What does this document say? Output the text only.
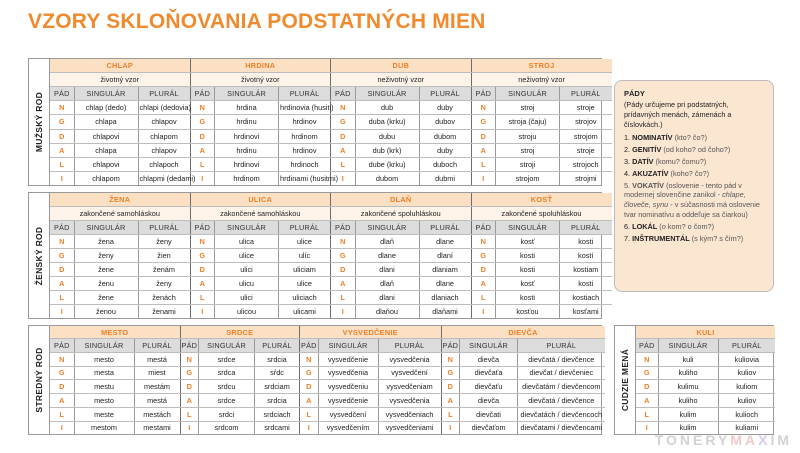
VZORY SKLOŇOVANIA PODSTATNÝCH MIEN
MUŽSKÝ ROD
CHLAP		
životný vzor		
PÁD	SINGULÁR	PLURÁL
N	chlap (dedo)	chlapi (dedovia)
G	chlapa	chlapov
D	chlapovi	chlapom
A	chlapa	chlapov
L	chlapovi	chlapoch
I	chlapom	chlapmi (dedami)
HRDINA		
životný vzor		
PÁD	SINGULÁR	PLURÁL
N	hrdina	hrdinovia (husiti)
G	hrdinu	hrdinov
D	hrdinovi	hrdinom
A	hrdinu	hrdinov
L	hrdinovi	hrdinoch
I	hrdinom	hrdinami (husitmi)
DUB		
neživotný vzor		
PÁD	SINGULÁR	PLURÁL
N	dub	duby
G	duba (krku)	dubov
D	dubu	dubom
A	dub (krk)	duby
L	dube (krku)	duboch
I	dubom	dubmi
STROJ		
neživotný vzor		
PÁD	SINGULÁR	PLURÁL
N	stroj	stroje
G	stroja (čaju)	strojov
D	stroju	strojom
A	stroj	stroje
L	stroji	strojoch
I	strojom	strojmi
ŽENSKÝ ROD
ŽENA		
zakončené samohláskou		
PÁD	SINGULÁR	PLURÁL
N	žena	ženy
G	ženy	žien
D	žene	ženám
A	ženu	ženy
L	žene	ženách
I	ženou	ženami
ULICA		
zakončené samohláskou		
PÁD	SINGULÁR	PLURÁL
N	ulica	ulice
G	ulice	ulíc
D	ulici	uliciam
A	ulicu	ulice
L	ulici	uliciach
I	ulicou	ulicami
DLAŇ		
zakončené spoluhláskou		
PÁD	SINGULÁR	PLURÁL
N	dlaň	dlane
G	dlane	dlaní
D	dlani	dlaniam
A	dlaň	dlane
L	dlani	dlaniach
I	dlaňou	dlaňami
KOSŤ		
zakončené spoluhláskou		
PÁD	SINGULÁR	PLURÁL
N	kosť	kosti
G	kosti	kostí
D	kosti	kostiam
A	kosť	kosti
L	kosti	kostiach
I	kosťou	kosťami
STREDNÝ ROD
MESTO		
PÁD	SINGULÁR	PLURÁL
N	mesto	mestá
G	mesta	miest
D	mestu	mestám
A	mesto	mestá
L	meste	mestách
I	mestom	mestami
SRDCE		
PÁD	SINGULÁR	PLURÁL
N	srdce	srdcia
G	srdca	sŕdc
D	srdcu	srdciam
A	srdce	srdcia
L	srdci	srdciach
I	srdcom	srdcami
VYSVEDČENIE		
PÁD	SINGULÁR	PLURÁL
N	vysvedčenie	vysvedčenia
G	vysvedčenia	vysvedčení
D	vysvedčeniu	vysvedčeniam
A	vysvedčenie	vysvedčenia
L	vysvedčení	vysvedčeniach
I	vysvedčením	vysvedčeniami
DIEVČA		
PÁD	SINGULÁR	PLURÁL
N	dievča	dievčatá / dievčence
G	dievčaťa	dievčat / dievčeniec
D	dievčaťu	dievčatám / dievčencom
A	dievča	dievčatá / dievčence
L	dievčati	dievčatách / dievčencoch
I	dievčaťom	dievčatami / dievčencami
CUDZIE MENÁ
KULI		
PÁD	SINGULÁR	PLURÁL
N	kuli	kuliovia
G	kuliho	kuliov
D	kulimu	kuliom
A	kuliho	kuliov
L	kulim	kulioch
I	kulim	kuliami
PÁDY
(Pády určujeme pri podstatných, prídavných menách, zámenách a číslovkách.)
1. NOMINATÍV (kto? čo?)
2. GENITÍV (od koho? od čoho?)
3. DATÍV (komu? čomu?)
4. AKUZATÍV (koho? čo?)
5. VOKATÍV (oslovenie - tento pád v modernej slovenčine zanikol - chlape, človeče, synu - v súčasnosti má oslovenie tvar nominatívu a oddeľuje sa čiarkou)
6. LOKÁL (o kom? o čom?)
7. INŠTRUMENTÁL (s kým? s čím?)
TONERYMAXIM
